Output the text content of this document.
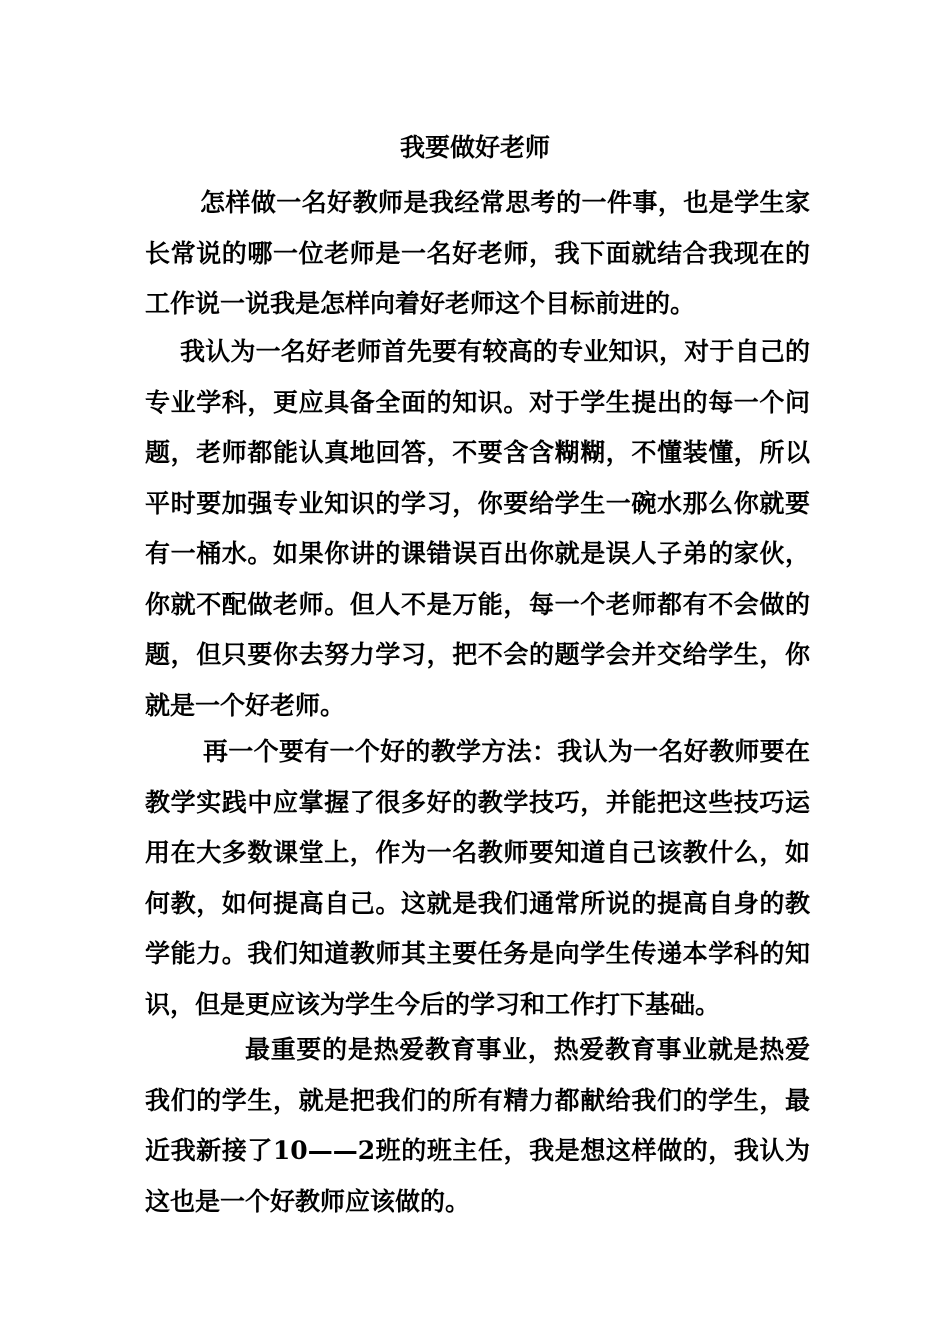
我要做好老师

怎样做一名好教师是我经常思考的一件事，也是学生家长常说的哪一位老师是一名好老师，我下面就结合我现在的工作说一说我是怎样向着好老师这个目标前进的。

我认为一名好老师首先要有较高的专业知识，对于自己的专业学科，更应具备全面的知识。对于学生提出的每一个问题，老师都能认真地回答，不要含含糊糊，不懂装懂，所以平时要加强专业知识的学习，你要给学生一碗水那么你就要有一桶水。如果你讲的课错误百出你就是误人子弟的家伙，你就不配做老师。但人不是万能，每一个老师都有不会做的题，但只要你去努力学习，把不会的题学会并交给学生，你就是一个好老师。

再一个要有一个好的教学方法：我认为一名好教师要在教学实践中应掌握了很多好的教学技巧，并能把这些技巧运用在大多数课堂上，作为一名教师要知道自己该教什么，如何教，如何提高自己。这就是我们通常所说的提高自身的教学能力。我们知道教师其主要任务是向学生传递本学科的知识，但是更应该为学生今后的学习和工作打下基础。

最重要的是热爱教育事业，热爱教育事业就是热爱我们的学生，就是把我们的所有精力都献给我们的学生，最近我新接了10——2班的班主任，我是想这样做的，我认为这也是一个好教师应该做的。
